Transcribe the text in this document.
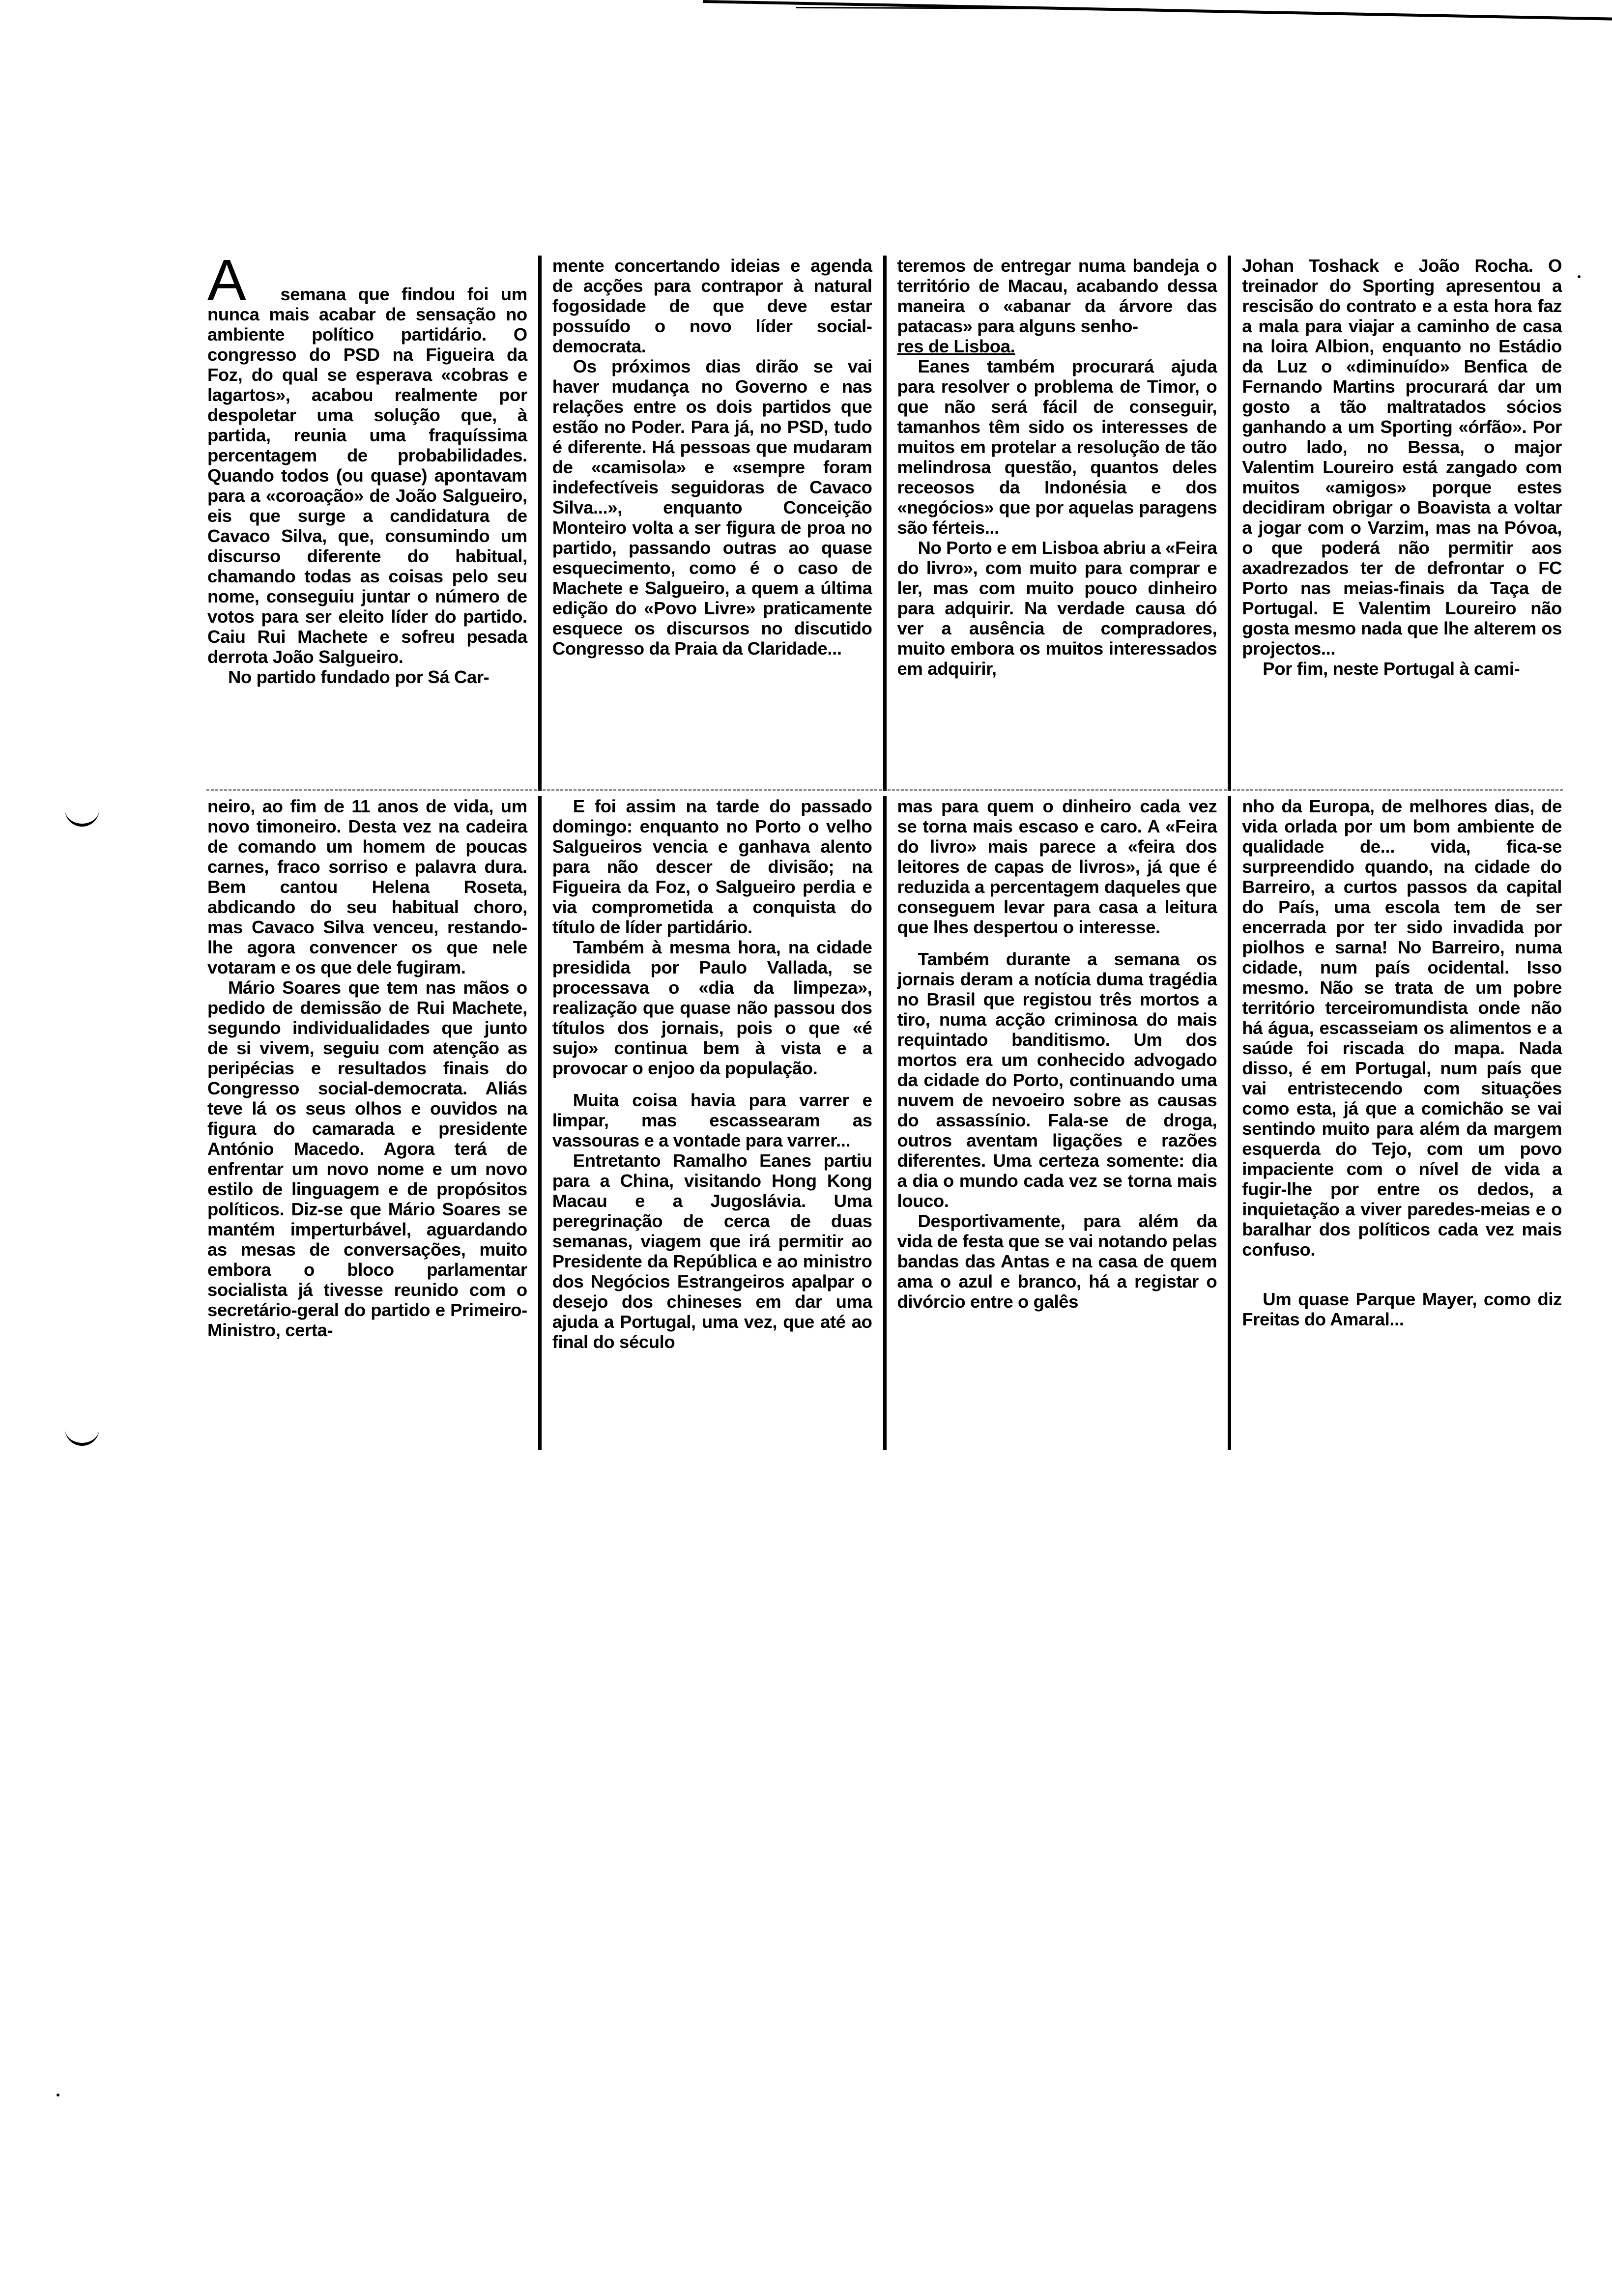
A	semana que findou foi um nunca mais acabar de sensação no ambiente político partidário. O congresso do PSD na Figueira da Foz, do qual se esperava «cobras e lagartos», acabou realmente por despoletar uma solução que, à partida, reunia uma fraquíssima percentagem de probabilidades. Quando todos (ou quase) apontavam para a «coroação» de João Salgueiro, eis que surge a candidatura de Cavaco Silva, que, consumindo um discurso diferente do habitual, chamando todas as coisas pelo seu nome, conseguiu juntar o número de votos para ser eleito líder do partido. Caiu Rui Machete e sofreu pesada derrota João Salgueiro.

No partido fundado por Sá Car-

mente concertando ideias e agenda de acções para contrapor à natural fogosidade de que deve estar possuído o novo líder social-democrata.

Os próximos dias dirão se vai haver mudança no Governo e nas relações entre os dois partidos que estão no Poder. Para já, no PSD, tudo é diferente. Há pessoas que mudaram de «camisola» e «sempre foram indefectíveis seguidoras de Cavaco Silva...», enquanto Conceição Monteiro volta a ser figura de proa no partido, passando outras ao quase esquecimento, como é o caso de Machete e Salgueiro, a quem a última edição do «Povo Livre» praticamente esquece os discursos no discutido Congresso da Praia da Claridade...

teremos de entregar numa bandeja o território de Macau, acabando dessa maneira o «abanar da árvore das patacas» para alguns senho-

res de Lisboa.

Eanes também procurará ajuda para resolver o problema de Timor, o que não será fácil de conseguir, tamanhos têm sido os interesses de muitos em protelar a resolução de tão melindrosa questão, quantos deles receosos da Indonésia e dos «negócios» que por aquelas paragens são férteis...

No Porto e em Lisboa abriu a «Feira do livro», com muito para comprar e ler, mas com muito pouco dinheiro para adquirir. Na verdade causa dó ver a ausência de compradores, muito embora os muitos interessados em adquirir,

Johan Toshack e João Rocha. O treinador do Sporting apresentou a rescisão do contrato e a esta hora faz a mala para viajar a caminho de casa na loira Albion, enquanto no Estádio da Luz o «diminuído» Benfica de Fernando Martins procurará dar um gosto a tão maltratados sócios ganhando a um Sporting «órfão». Por outro lado, no Bessa, o major Valentim Loureiro está zangado com muitos «amigos» porque estes decidiram obrigar o Boavista a voltar a jogar com o Varzim, mas na Póvoa, o que poderá não permitir aos axadrezados ter de defrontar o FC Porto nas meias-finais da Taça de Portugal. E Valentim Loureiro não gosta mesmo nada que lhe alterem os projectos...

Por fim, neste Portugal à cami-

neiro, ao fim de 11 anos de vida, um novo timoneiro. Desta vez na cadeira de comando um homem de poucas carnes, fraco sorriso e palavra dura. Bem cantou Helena Roseta, abdicando do seu habitual choro, mas Cavaco Silva venceu, restando-lhe agora convencer os que nele votaram e os que dele fugiram.

Mário Soares que tem nas mãos o pedido de demissão de Rui Machete, segundo individualidades que junto de si vivem, seguiu com atenção as peripécias e resultados finais do Congresso social-democrata. Aliás teve lá os seus olhos e ouvidos na figura do camarada e presidente António Macedo. Agora terá de enfrentar um novo nome e um novo estilo de linguagem e de propósitos políticos. Diz-se que Mário Soares se mantém imperturbável, aguardando as mesas de conversações, muito embora o bloco parlamentar socialista já tivesse reunido com o secretário-geral do partido e Primeiro-Ministro, certa-

E foi assim na tarde do passado domingo: enquanto no Porto o velho Salgueiros vencia e ganhava alento para não descer de divisão; na Figueira da Foz, o Salgueiro perdia e via comprometida a conquista do título de líder partidário.

Também à mesma hora, na cidade presidida por Paulo Vallada, se processava o «dia da limpeza», realização que quase não passou dos títulos dos jornais, pois o que «é sujo» continua bem à vista e a provocar o enjoo da população.

Muita coisa havia para varrer e limpar, mas escassearam as vassouras e a vontade para varrer...

Entretanto Ramalho Eanes partiu para a China, visitando Hong Kong Macau e a Jugoslávia. Uma peregrinação de cerca de duas semanas, viagem que irá permitir ao Presidente da República e ao ministro dos Negócios Estrangeiros apalpar o desejo dos chineses em dar uma ajuda a Portugal, uma vez, que até ao final do século

mas para quem o dinheiro cada vez se torna mais escaso e caro. A «Feira do livro» mais parece a «feira dos leitores de capas de livros», já que é reduzida a percentagem daqueles que conseguem levar para casa a leitura que lhes despertou o interesse.

Também durante a semana os jornais deram a notícia duma tragédia no Brasil que registou três mortos a tiro, numa acção criminosa do mais requintado banditismo. Um dos mortos era um conhecido advogado da cidade do Porto, continuando uma nuvem de nevoeiro sobre as causas do assassínio. Fala-se de droga, outros aventam ligações e razões diferentes. Uma certeza somente: dia a dia o mundo cada vez se torna mais louco.

Desportivamente, para além da vida de festa que se vai notando pelas bandas das Antas e na casa de quem ama o azul e branco, há a registar o divórcio entre o galês

nho da Europa, de melhores dias, de vida orlada por um bom ambiente de qualidade de... vida, fica-se surpreendido quando, na cidade do Barreiro, a curtos passos da capital do País, uma escola tem de ser encerrada por ter sido invadida por piolhos e sarna! No Barreiro, numa cidade, num país ocidental. Isso mesmo. Não se trata de um pobre território terceiromundista onde não há água, escasseiam os alimentos e a saúde foi riscada do mapa. Nada disso, é em Portugal, num país que vai entristecendo com situações como esta, já que a comichão se vai sentindo muito para além da margem esquerda do Tejo, com um povo impaciente com o nível de vida a fugir-lhe por entre os dedos, a inquietação a viver paredes-meias e o baralhar dos políticos cada vez mais confuso.

Um quase Parque Mayer, como diz Freitas do Amaral...
